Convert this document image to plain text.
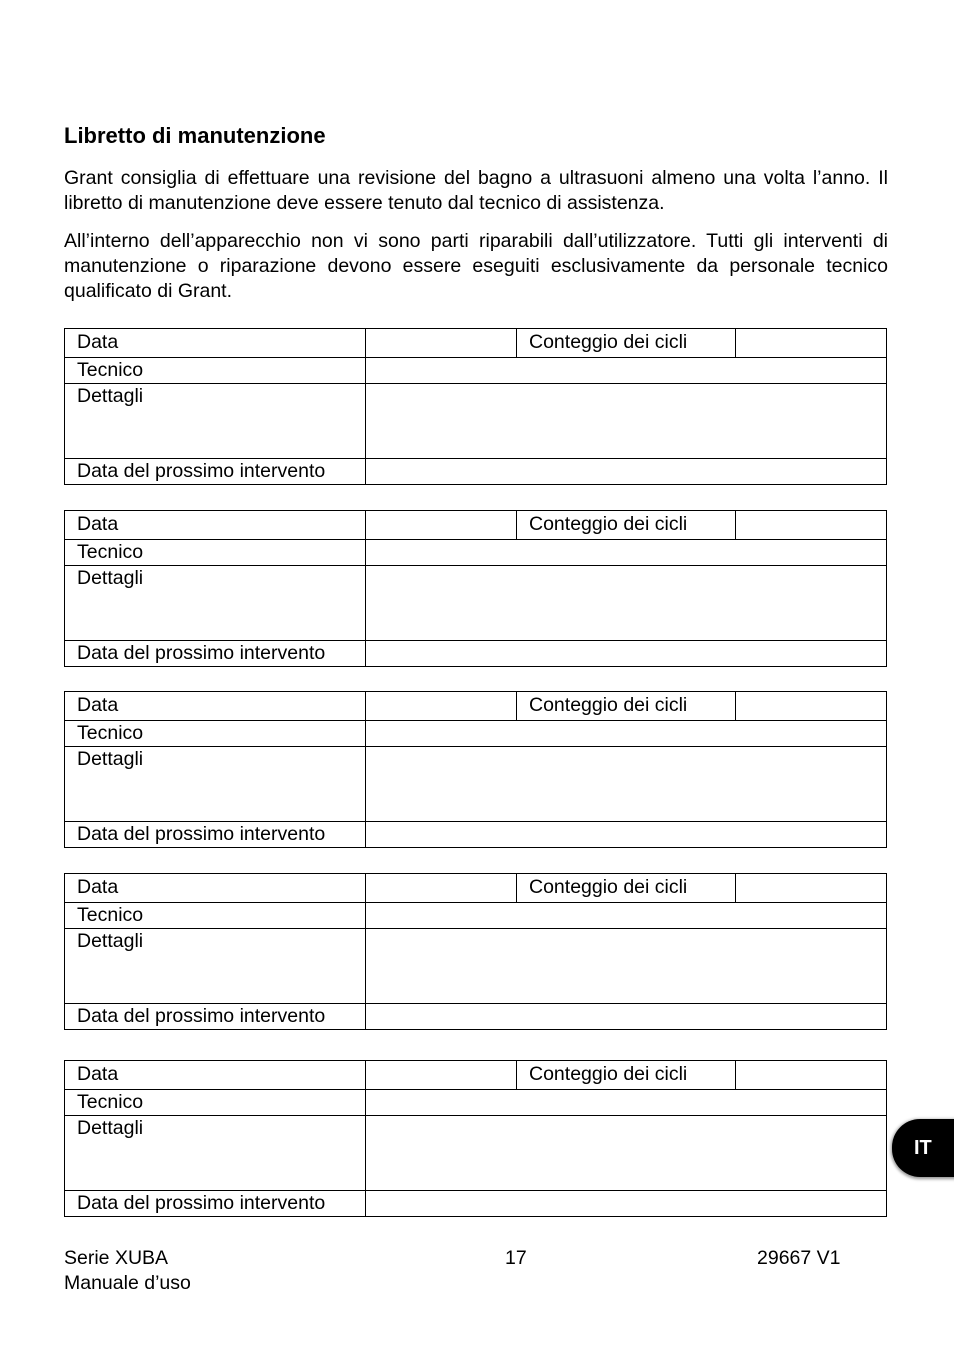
Libretto di manutenzione

Grant consiglia di effettuare una revisione del bagno a ultrasuoni almeno una volta l’anno. Il libretto di manutenzione deve essere tenuto dal tecnico di assistenza.

All’interno dell’apparecchio non vi sono parti riparabili dall’utilizzatore. Tutti gli interventi di manutenzione o riparazione devono essere eseguiti esclusivamente da personale tecnico qualificato di Grant.

Data		Conteggio dei cicli	
Tecnico			
Dettagli			
Data del prossimo intervento			
Data		Conteggio dei cicli	
Tecnico			
Dettagli			
Data del prossimo intervento			
Data		Conteggio dei cicli	
Tecnico			
Dettagli			
Data del prossimo intervento			
Data		Conteggio dei cicli	
Tecnico			
Dettagli			
Data del prossimo intervento			
Data		Conteggio dei cicli	
Tecnico			
Dettagli			
Data del prossimo intervento			
IT

Serie XUBA

Manuale d’uso

17	29667 V1
